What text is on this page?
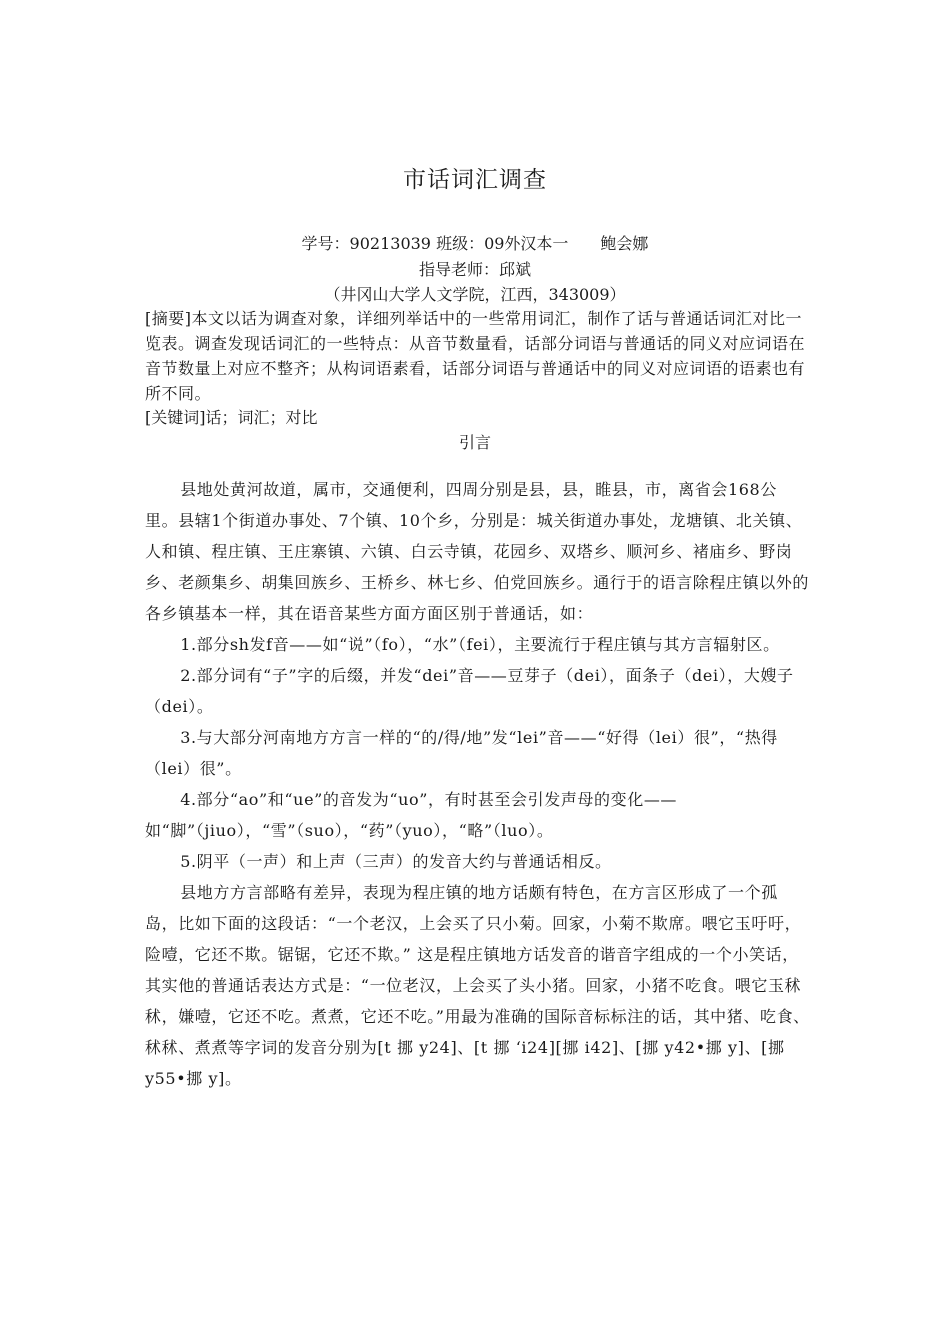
市话词汇调查
学号：90213039 班级：09外汉本一　　鲍会娜
指导老师：邱斌
（井冈山大学人文学院，江西，343009）
[摘要]本文以话为调查对象，详细列举话中的一些常用词汇，制作了话与普通话词汇对比一览表。调查发现话词汇的一些特点：从音节数量看，话部分词语与普通话的同义对应词语在音节数量上对应不整齐；从构词语素看，话部分词语与普通话中的同义对应词语的语素也有所不同。
[关键词]话；词汇；对比
引言

县地处黄河故道，属市，交通便利，四周分别是县，县，睢县，市，离省会168公里。县辖1个街道办事处、7个镇、10个乡，分别是：城关街道办事处，龙塘镇、北关镇、人和镇、程庄镇、王庄寨镇、六镇、白云寺镇，花园乡、双塔乡、顺河乡、褚庙乡、野岗乡、老颜集乡、胡集回族乡、王桥乡、林七乡、伯党回族乡。通行于的语言除程庄镇以外的各乡镇基本一样，其在语音某些方面方面区别于普通话，如：

1.部分sh发f音——如“说”（fo），“水”（fei），主要流行于程庄镇与其方言辐射区。

2.部分词有“子”字的后缀，并发“dei”音——豆芽子（dei），面条子（dei），大嫂子（dei）。

3.与大部分河南地方方言一样的“的/得/地”发“lei”音——“好得（lei）很”，“热得（lei）很”。

4.部分“ao”和“ue”的音发为“uo”，有时甚至会引发声母的变化——如“脚”（jiuo），“雪”（suo），“药”（yuo），“略”（luo）。

5.阴平（一声）和上声（三声）的发音大约与普通话相反。

县地方方言部略有差异，表现为程庄镇的地方话颇有特色，在方言区形成了一个孤岛，比如下面的这段话：“一个老汉，上会买了只小菊。回家，小菊不欺席。喂它玉吁吁，险噎，它还不欺。锯锯，它还不欺。” 这是程庄镇地方话发音的谐音字组成的一个小笑话，其实他的普通话表达方式是：“一位老汉，上会买了头小猪。回家，小猪不吃食。喂它玉秫秫，嫌噎，它还不吃。煮煮，它还不吃。”用最为准确的国际音标标注的话，其中猪、吃食、秫秫、煮煮等字词的发音分别为[t 挪 y24]、[t 挪 ‘i24][挪 i42]、[挪 y42•挪 y]、[挪 y55•挪 y]。
